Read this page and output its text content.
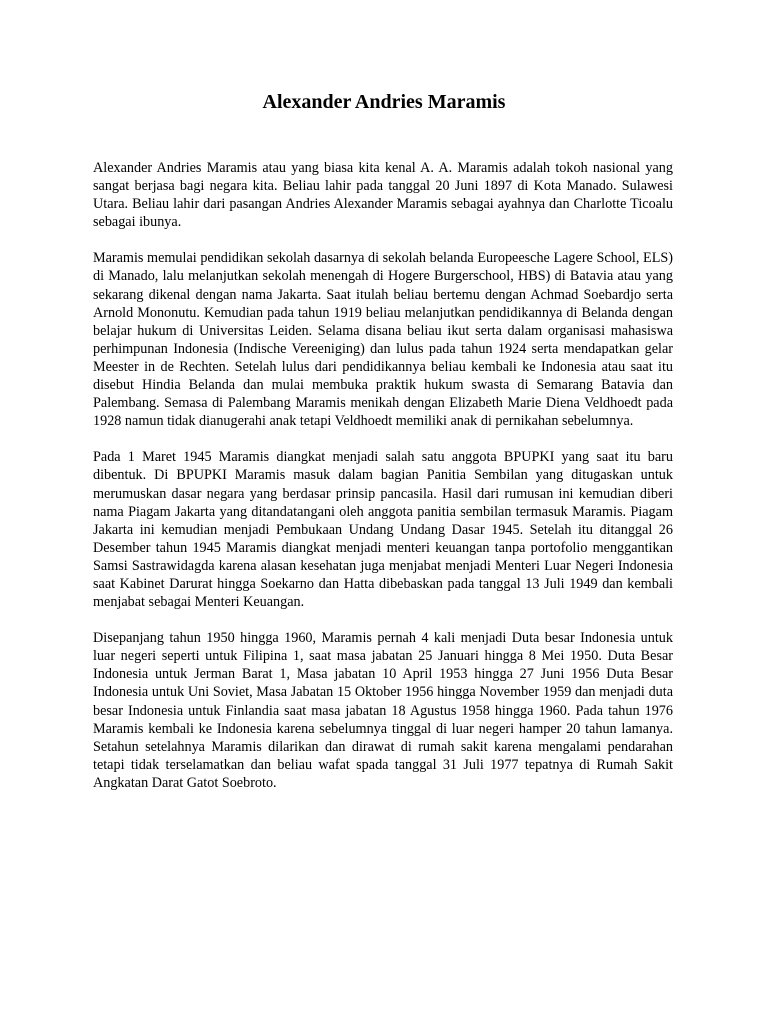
Alexander Andries Maramis

Alexander Andries Maramis atau yang biasa kita kenal A. A. Maramis adalah tokoh nasional yang sangat berjasa bagi negara kita. Beliau lahir pada tanggal 20 Juni 1897 di Kota Manado. Sulawesi Utara. Beliau lahir dari pasangan Andries Alexander Maramis sebagai ayahnya dan Charlotte Ticoalu sebagai ibunya.

Maramis memulai pendidikan sekolah dasarnya di sekolah belanda Europeesche Lagere School, ELS) di Manado, lalu melanjutkan sekolah menengah di Hogere Burgerschool, HBS) di Batavia atau yang sekarang dikenal dengan nama Jakarta. Saat itulah beliau bertemu dengan Achmad Soebardjo serta Arnold Mononutu. Kemudian pada tahun 1919 beliau melanjutkan pendidikannya di Belanda dengan belajar hukum di Universitas Leiden. Selama disana beliau ikut serta dalam organisasi mahasiswa perhimpunan Indonesia (Indische Vereeniging) dan lulus pada tahun 1924 serta mendapatkan gelar Meester in de Rechten. Setelah lulus dari pendidikannya beliau kembali ke Indonesia atau saat itu disebut Hindia Belanda dan mulai membuka praktik hukum swasta di Semarang Batavia dan Palembang. Semasa di Palembang Maramis menikah dengan Elizabeth Marie Diena Veldhoedt pada 1928 namun tidak dianugerahi anak tetapi Veldhoedt memiliki anak di pernikahan sebelumnya.

Pada 1 Maret 1945 Maramis diangkat menjadi salah satu anggota BPUPKI yang saat itu baru dibentuk. Di BPUPKI Maramis masuk dalam bagian Panitia Sembilan yang ditugaskan untuk merumuskan dasar negara yang berdasar prinsip pancasila. Hasil dari rumusan ini kemudian diberi nama Piagam Jakarta yang ditandatangani oleh anggota panitia sembilan termasuk Maramis. Piagam Jakarta ini kemudian menjadi Pembukaan Undang Undang Dasar 1945. Setelah itu ditanggal 26 Desember tahun 1945 Maramis diangkat menjadi menteri keuangan tanpa portofolio menggantikan Samsi Sastrawidagda karena alasan kesehatan juga menjabat menjadi Menteri Luar Negeri Indonesia saat Kabinet Darurat hingga Soekarno dan Hatta dibebaskan pada tanggal 13 Juli 1949 dan kembali menjabat sebagai Menteri Keuangan.

Disepanjang tahun 1950 hingga 1960, Maramis pernah 4 kali menjadi Duta besar Indonesia untuk luar negeri seperti untuk Filipina 1, saat masa jabatan 25 Januari hingga 8 Mei 1950. Duta Besar Indonesia untuk Jerman Barat 1, Masa jabatan 10 April 1953 hingga 27 Juni 1956 Duta Besar Indonesia untuk Uni Soviet, Masa Jabatan 15 Oktober 1956 hingga November 1959 dan menjadi duta besar Indonesia untuk Finlandia saat masa jabatan 18 Agustus 1958 hingga 1960. Pada tahun 1976 Maramis kembali ke Indonesia karena sebelumnya tinggal di luar negeri hamper 20 tahun lamanya. Setahun setelahnya Maramis dilarikan dan dirawat di rumah sakit karena mengalami pendarahan tetapi tidak terselamatkan dan beliau wafat spada tanggal 31 Juli 1977 tepatnya di Rumah Sakit Angkatan Darat Gatot Soebroto.
